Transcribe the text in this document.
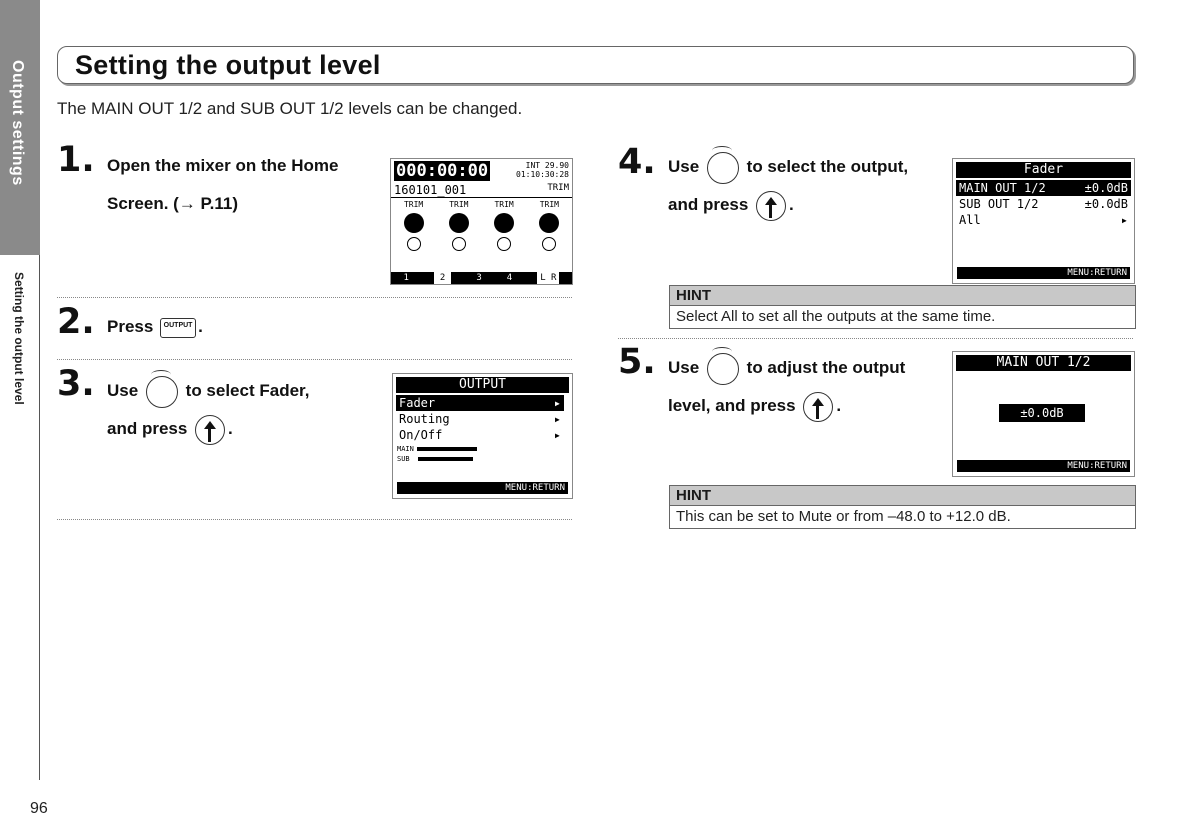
Output settings
Setting the output level
96
Setting the output level
The MAIN OUT 1/2 and SUB OUT 1/2 levels can be changed.
1. Open the mixer on the Home
Screen. (→ P.11)
000:00:00	INT 29.90
01:10:30:28
160101_001	TRIM
TRIM	TRIM	TRIM	TRIM
1	2	3	4	L R
2. Press	OUTPUT .
3. Use	to select Fader,
and press .
OUTPUT
Fader	▸
Routing	▸
On/Off	▸
MAIN
SUB
MENU:RETURN
4. Use	to select the output,
and press .
Fader
MAIN OUT 1/2	±0.0dB
SUB OUT 1/2	±0.0dB
All	▸
MENU:RETURN
HINT
Select All to set all the outputs at the same time.
5. Use	to adjust the output
level, and press .
MAIN OUT 1/2
±0.0dB
MENU:RETURN
HINT
This can be set to Mute or from –48.0 to +12.0 dB.
